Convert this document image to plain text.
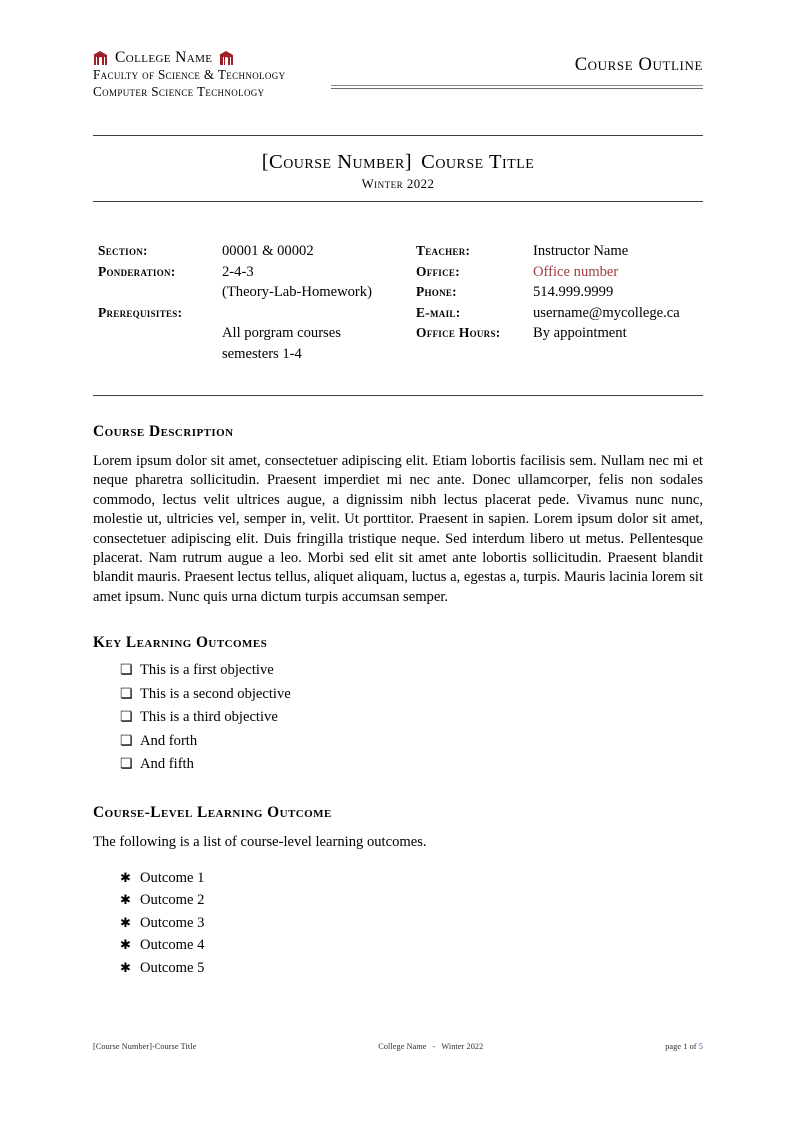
College Name
Faculty of Science & Technology
Computer Science Technology
Course Outline
[Course Number] Course Title
Winter 2022
Section:	00001 & 00002
Ponderation:	2-4-3
(Theory-Lab-Homework)
Prerequisites:
All porgram courses
semesters 1-4
Teacher:	Instructor Name
Office:	Office number
Phone:	514.999.9999
E-mail:	username@mycollege.ca
Office Hours:	By appointment
Course Description

Lorem ipsum dolor sit amet, consectetuer adipiscing elit. Etiam lobortis facilisis sem. Nullam nec mi et neque pharetra sollicitudin. Praesent imperdiet mi nec ante. Donec ullamcorper, felis non sodales commodo, lectus velit ultrices augue, a dignissim nibh lectus placerat pede. Vivamus nunc nunc, molestie ut, ultricies vel, semper in, velit. Ut porttitor. Praesent in sapien. Lorem ipsum dolor sit amet, consectetuer adipiscing elit. Duis fringilla tristique neque. Sed interdum libero ut metus. Pellentesque placerat. Nam rutrum augue a leo. Morbi sed elit sit amet ante lobortis sollicitudin. Praesent blandit blandit mauris. Praesent lectus tellus, aliquet aliquam, luctus a, egestas a, turpis. Mauris lacinia lorem sit amet ipsum. Nunc quis urna dictum turpis accumsan semper.

Key Learning Outcomes
❏ This is a first objective
❏ This is a second objective
❏ This is a third objective
❏ And forth
❏ And fifth
Course-Level Learning Outcome

The following is a list of course-level learning outcomes.

✱ Outcome 1
✱ Outcome 2
✱ Outcome 3
✱ Outcome 4
✱ Outcome 5
[Course Number]-Course Title	College Name - Winter 2022	page 1 of 5
